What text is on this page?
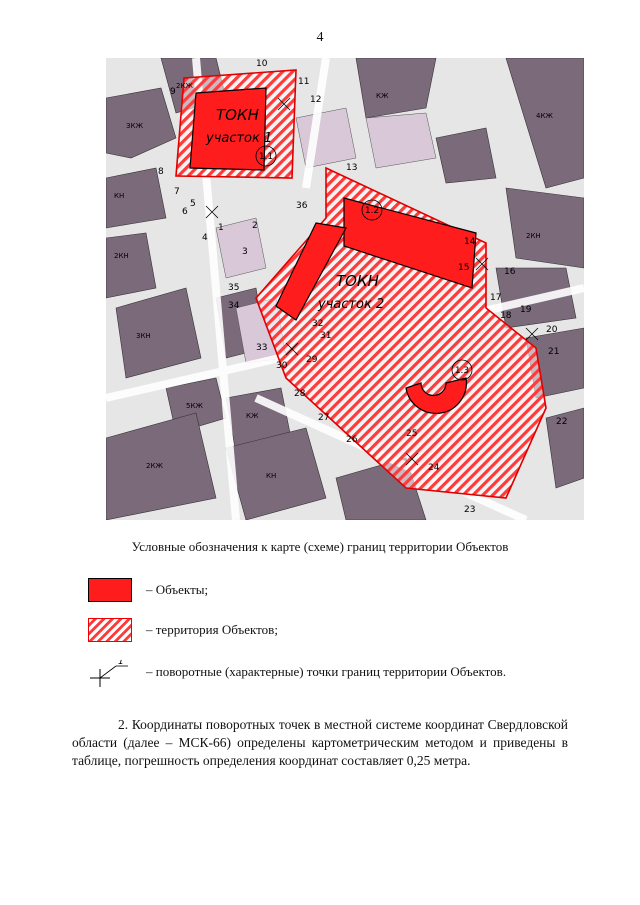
4
ТОКН
участок 1
ТОКН
участок 2
1.1
1.2
1.3
1	2
3
4
5
6
7
8
9
10
11
12
13
14
15	16
17
18
19
20
21
22
23
24
25
26
27
28
29
30
31
32
33
34
35
36
ЗКЖ
2КЖ
КН
2КН
3КН
5КЖ
КЖ
2КЖ
КН
4КЖ
2КН
КЖ
Условные обозначения к карте (схеме) границ территории Объектов
– Объекты;
– территория Объектов;
1
– поворотные (характерные) точки границ территории Объектов.
2. Координаты поворотных точек в местной системе координат Свердловской области (далее – МСК-66) определены картометрическим методом и приведены в таблице, погрешность определения координат составляет 0,25 метра.
